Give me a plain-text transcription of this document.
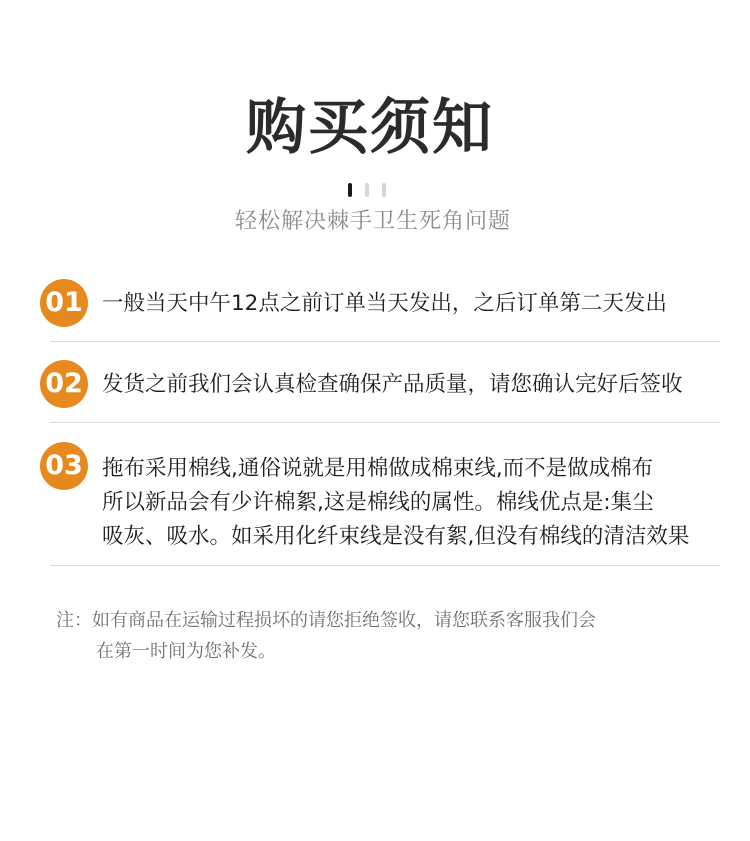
购买须知
轻松解决棘手卫生死角问题
01 一般当天中午12点之前订单当天发出，之后订单第二天发出
02 发货之前我们会认真检查确保产品质量，请您确认完好后签收
03 拖布采用棉线,通俗说就是用棉做成棉束线,而不是做成棉布
所以新品会有少许棉絮,这是棉线的属性。棉线优点是:集尘
吸灰、吸水。如采用化纤束线是没有絮,但没有棉线的清洁效果
注：如有商品在运输过程损坏的请您拒绝签收，请您联系客服我们会
在第一时间为您补发。
